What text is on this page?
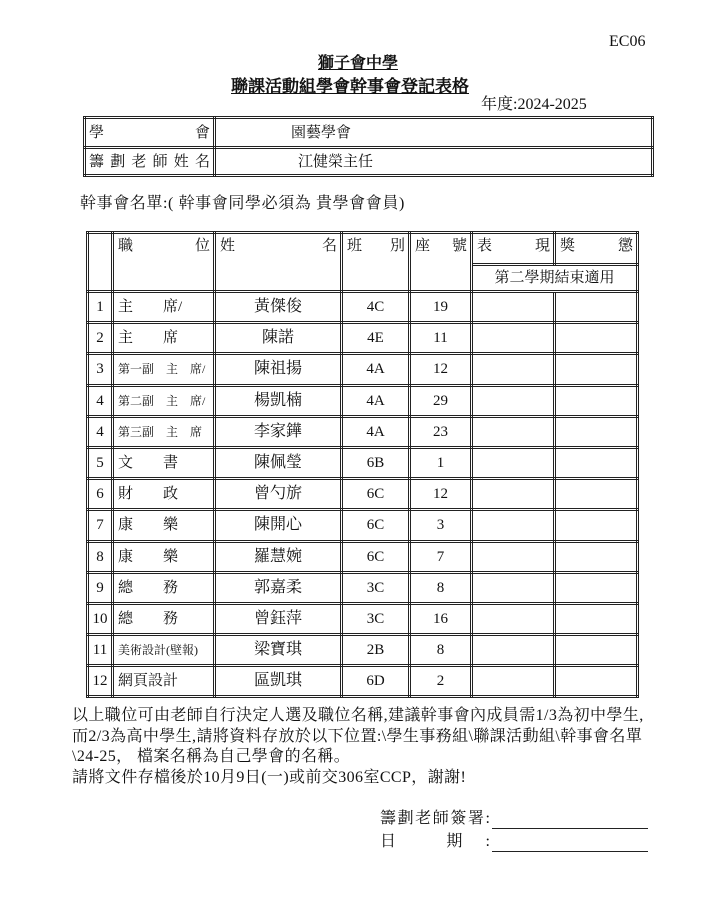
EC06
獅子會中學
聯課活動組學會幹事會登記表格
年度:2024-2025
學 會	園藝學會
籌 劃 老 師 姓 名	江健榮主任
幹事會名單:( 幹事會同學必須為 貴學會會員)
	職 位	姓 名	班 別	座 號	表 現	獎 懲
					第二學期結束適用	
1	主　　席/	黃傑俊	4C	19		
2	主　　席	陳諾	4E	11		
3	第一副　主　席/	陳祖揚	4A	12		
4	第二副　主　席/	楊凱楠	4A	29		
4	第三副　主　席	李家鏵	4A	23		
5	文　　書	陳佩瑩	6B	1		
6	財　　政	曾勺旂	6C	12		
7	康　　樂	陳開心	6C	3		
8	康　　樂	羅慧婉	6C	7		
9	總　　務	郭嘉柔	3C	8		
10	總　　務	曾鈺萍	3C	16		
11	美術設計(壁報)	梁寶琪	2B	8		
12	網頁設計	區凱琪	6D	2		
以上職位可由老師自行決定人選及職位名稱,建議幹事會內成員需1/3為初中學生,
而2/3為高中學生,請將資料存放於以下位置:\學生事務組\聯課活動組\幹事會名單
\24-25， 檔案名稱為自己學會的名稱。
請將文件存檔後於10月9日(一)或前交306室CCP，謝謝!
籌劃老師簽署:
日 期:
